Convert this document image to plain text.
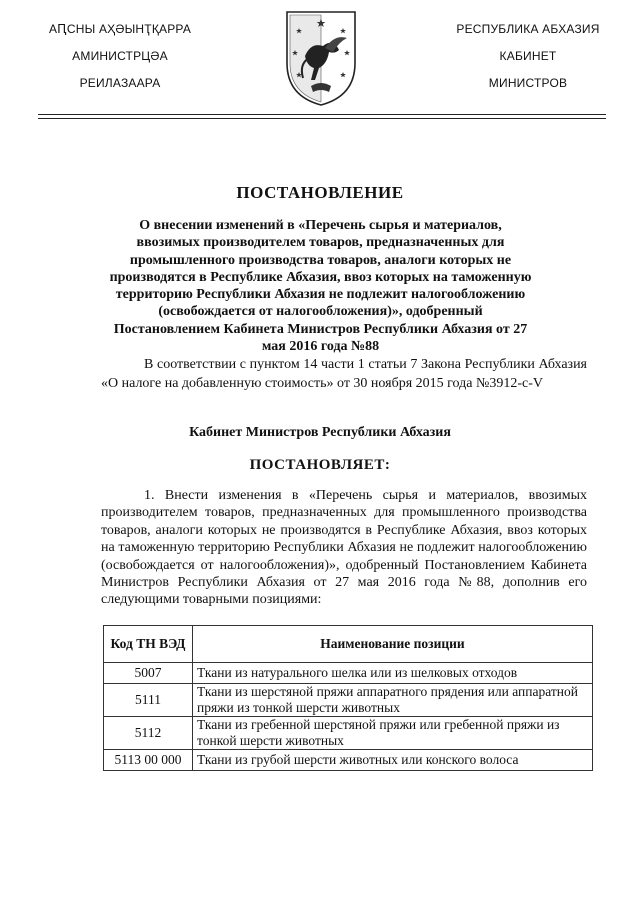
АԤСНЫ АҲӘЫНҬҚАРРА
АМИНИСТРЦӘА
РЕИЛАЗААРА
РЕСПУБЛИКА АБХАЗИЯ
КАБИНЕТ
МИНИСТРОВ
ПОСТАНОВЛЕНИЕ
О внесении изменений в «Перечень сырья и материалов, ввозимых производителем товаров, предназначенных для промышленного производства товаров, аналоги которых не производятся в Республике Абхазия, ввоз которых на таможенную территорию Республики Абхазия не подлежит налогообложению (освобождается от налогообложения)», одобренный Постановлением Кабинета Министров Республики Абхазия от 27 мая 2016 года №88
В соответствии с пунктом 14 части 1 статьи 7 Закона Республики Абхазия «О налоге на добавленную стоимость» от 30 ноября 2015 года №3912-с-V
Кабинет Министров Республики Абхазия
ПОСТАНОВЛЯЕТ:
1. Внести изменения в «Перечень сырья и материалов, ввозимых производителем товаров, предназначенных для промышленного производства товаров, аналоги которых не производятся в Республике Абхазия, ввоз которых на таможенную территорию Республики Абхазия не подлежит налогообложению (освобождается от налогообложения)», одобренный Постановлением Кабинета Министров Республики Абхазия от 27 мая 2016 года №88, дополнив его следующими товарными позициями:
Код ТН ВЭД	Наименование позиции
5007	Ткани из натурального шелка или из шелковых отходов
5111	Ткани из шерстяной пряжи аппаратного прядения или аппаратной пряжи из тонкой шерсти животных
5112	Ткани из гребенной шерстяной пряжи или гребенной пряжи из тонкой шерсти животных
5113 00 000	Ткани из грубой шерсти животных или конского волоса
